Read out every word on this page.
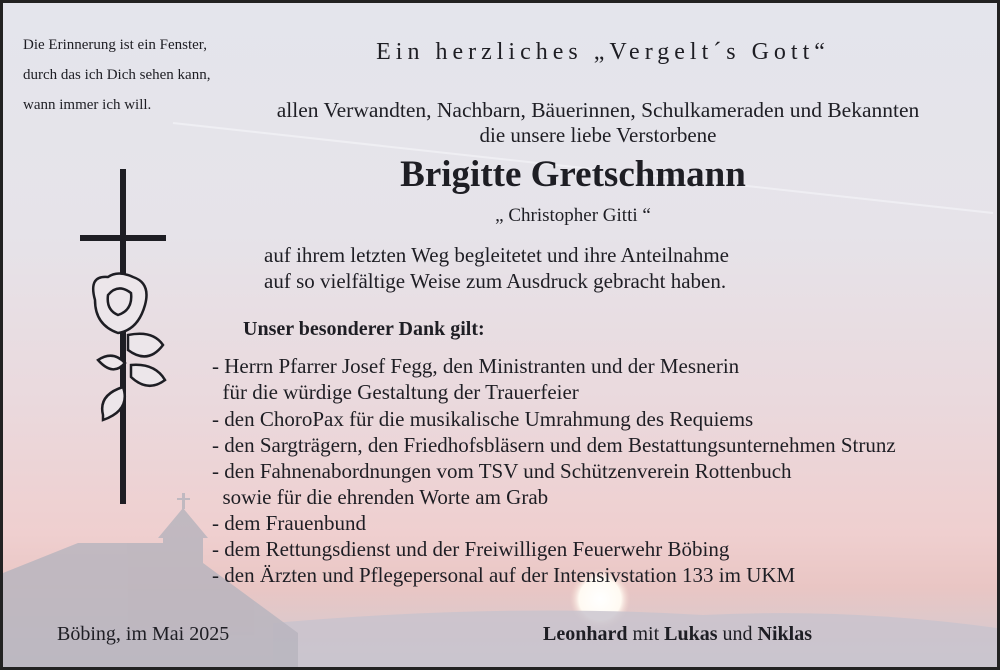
Die Erinnerung ist ein Fenster,
durch das ich Dich sehen kann,
wann immer ich will.
Ein herzliches „Vergelt´s Gott“
allen Verwandten, Nachbarn, Bäuerinnen, Schulkameraden und Bekannten
die unsere liebe Verstorbene
Brigitte Gretschmann
„ Christopher Gitti “
auf ihrem letzten Weg begleitetet und ihre Anteilnahme
auf so vielfältige Weise zum Ausdruck gebracht haben.
Unser besonderer Dank gilt:
- Herrn Pfarrer Josef Fegg, den Ministranten und der Mesnerin
für die würdige Gestaltung der Trauerfeier
- den ChoroPax für die musikalische Umrahmung des Requiems
- den Sargträgern, den Friedhofsbläsern und dem Bestattungsunternehmen Strunz
- den Fahnenabordnungen vom TSV und Schützenverein Rottenbuch
sowie für die ehrenden Worte am Grab
- dem Frauenbund
- dem Rettungsdienst und der Freiwilligen Feuerwehr Böbing
- den Ärzten und Pflegepersonal auf der Intensivstation 133 im UKM
Böbing, im Mai 2025	Leonhard mit Lukas und Niklas
